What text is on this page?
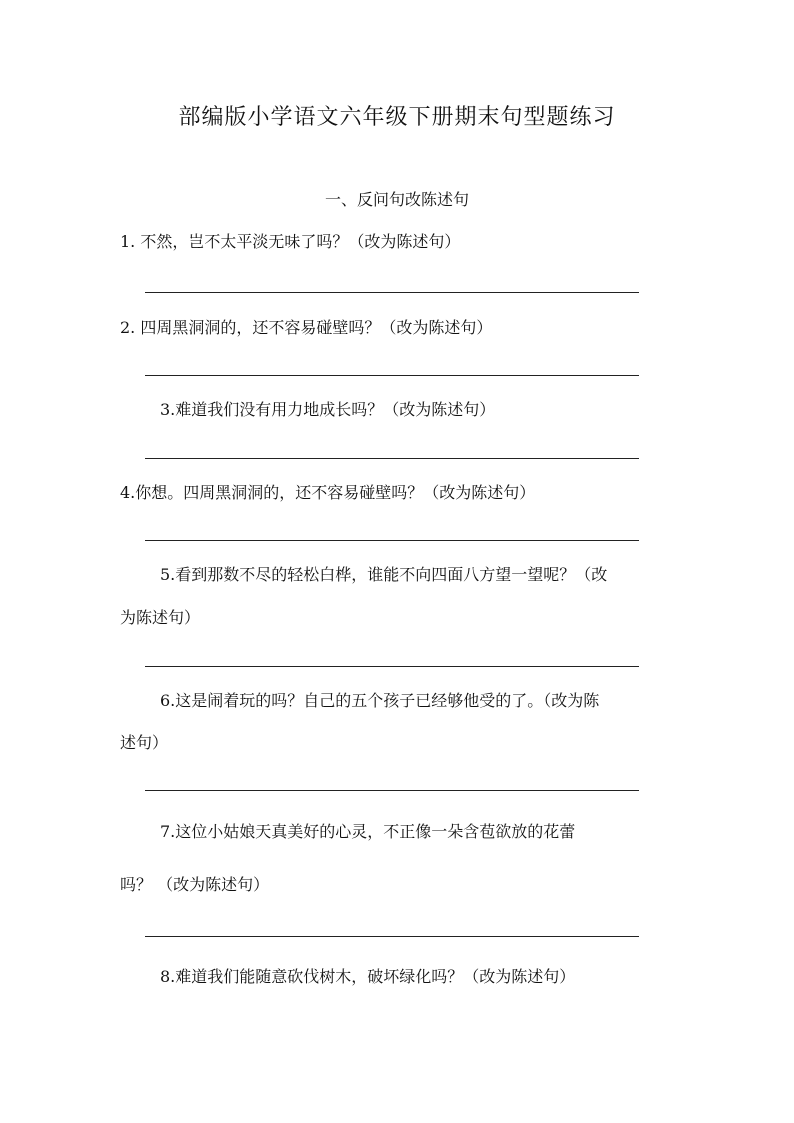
部编版小学语文六年级下册期末句型题练习
一、反问句改陈述句
1. 不然，岂不太平淡无味了吗？（改为陈述句）
2. 四周黑洞洞的，还不容易碰壁吗？（改为陈述句）
3.难道我们没有用力地成长吗？（改为陈述句）
4.你想。四周黑洞洞的，还不容易碰壁吗？（改为陈述句）
5.看到那数不尽的轻松白桦，谁能不向四面八方望一望呢？（改
为陈述句）
6.这是闹着玩的吗？自己的五个孩子已经够他受的了。（改为陈
述句）
7.这位小姑娘天真美好的心灵，不正像一朵含苞欲放的花蕾
吗？ （改为陈述句）
8.难道我们能随意砍伐树木，破坏绿化吗？（改为陈述句）
